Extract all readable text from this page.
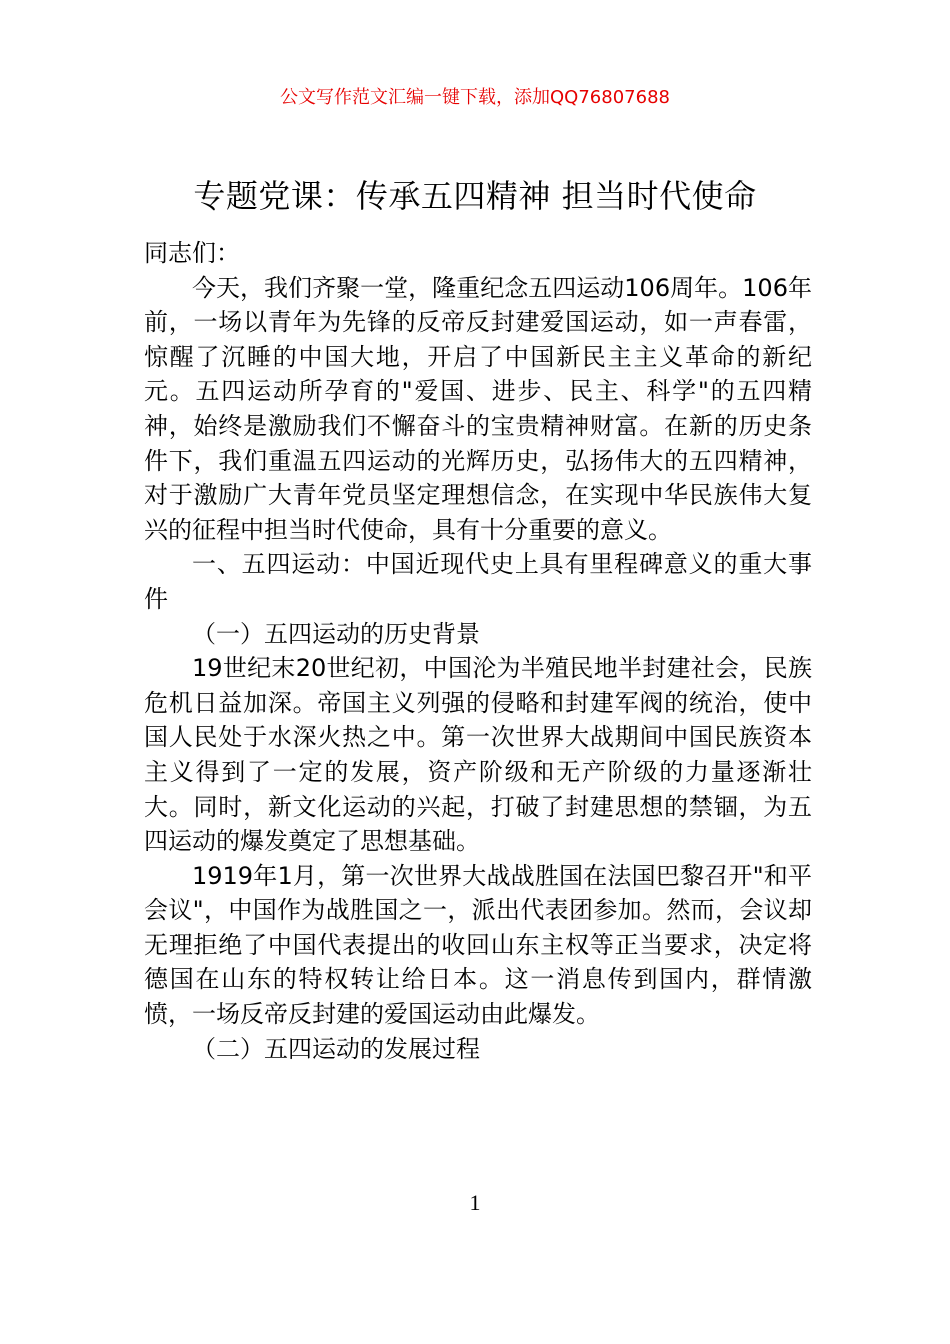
公文写作范文汇编一键下载，添加QQ76807688
专题党课：传承五四精神 担当时代使命

同志们：

今天，我们齐聚一堂，隆重纪念五四运动106周年。106年前，一场以青年为先锋的反帝反封建爱国运动，如一声春雷，惊醒了沉睡的中国大地，开启了中国新民主主义革命的新纪元。五四运动所孕育的"爱国、进步、民主、科学"的五四精神，始终是激励我们不懈奋斗的宝贵精神财富。在新的历史条件下，我们重温五四运动的光辉历史，弘扬伟大的五四精神，对于激励广大青年党员坚定理想信念，在实现中华民族伟大复兴的征程中担当时代使命，具有十分重要的意义。

一、五四运动：中国近现代史上具有里程碑意义的重大事件

（一）五四运动的历史背景

19世纪末20世纪初，中国沦为半殖民地半封建社会，民族危机日益加深。帝国主义列强的侵略和封建军阀的统治，使中国人民处于水深火热之中。第一次世界大战期间中国民族资本主义得到了一定的发展，资产阶级和无产阶级的力量逐渐壮大。同时，新文化运动的兴起，打破了封建思想的禁锢，为五四运动的爆发奠定了思想基础。

1919年1月，第一次世界大战战胜国在法国巴黎召开"和平会议"，中国作为战胜国之一，派出代表团参加。然而，会议却无理拒绝了中国代表提出的收回山东主权等正当要求，决定将德国在山东的特权转让给日本。这一消息传到国内，群情激愤，一场反帝反封建的爱国运动由此爆发。

（二）五四运动的发展过程

1
